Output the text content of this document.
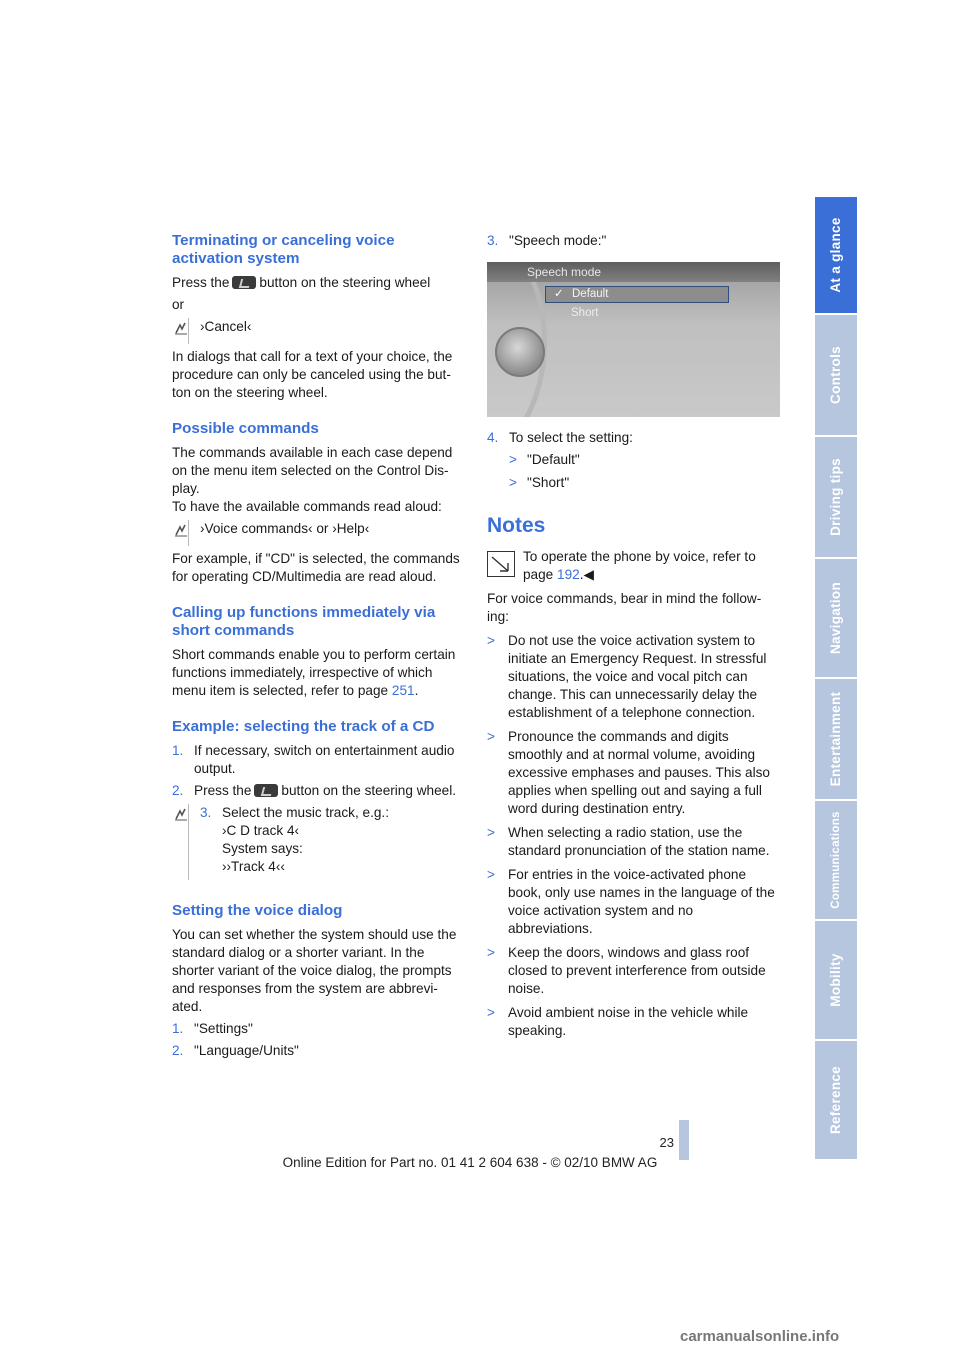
Terminating or canceling voice activation system

Press the button on the steering wheel

or

›Cancel‹

In dialogs that call for a text of your choice, the procedure can only be canceled using the but-ton on the steering wheel.

Possible commands

The commands available in each case depend on the menu item selected on the Control Dis-play.

To have the available commands read aloud:

›Voice commands‹ or ›Help‹

For example, if "CD" is selected, the commands for operating CD/Multimedia are read aloud.

Calling up functions immediately via short commands

Short commands enable you to perform certain functions immediately, irrespective of which menu item is selected, refer to page 251.

Example: selecting the track of a CD
1. If necessary, switch on entertainment audio output.
2. Press the button on the steering wheel.
3. Select the music track, e.g.:
›C D track 4‹
System says:
››Track 4‹‹
Setting the voice dialog

You can set whether the system should use the standard dialog or a shorter variant. In the shorter variant of the voice dialog, the prompts and responses from the system are abbrevi-ated.

1. "Settings"
2. "Language/Units"
3. "Speech mode:"
Speech mode
✓ Default
Short
4. To select the setting:
> "Default"
> "Short"
Notes
To operate the phone by voice, refer to page 192.◀

For voice commands, bear in mind the follow-ing:

> Do not use the voice activation system to initiate an Emergency Request. In stressful situations, the voice and vocal pitch can change. This can unnecessarily delay the establishment of a telephone connection.
> Pronounce the commands and digits smoothly and at normal volume, avoiding excessive emphases and pauses. This also applies when spelling out and saying a full word during destination entry.
> When selecting a radio station, use the standard pronunciation of the station name.
> For entries in the voice-activated phone book, only use names in the language of the voice activation system and no abbreviations.
> Keep the doors, windows and glass roof closed to prevent interference from outside noise.
> Avoid ambient noise in the vehicle while speaking.
At a glance
Controls
Driving tips
Navigation
Entertainment
Communications
Mobility
Reference
23
Online Edition for Part no. 01 41 2 604 638 - © 02/10 BMW AG
carmanualsonline.info
